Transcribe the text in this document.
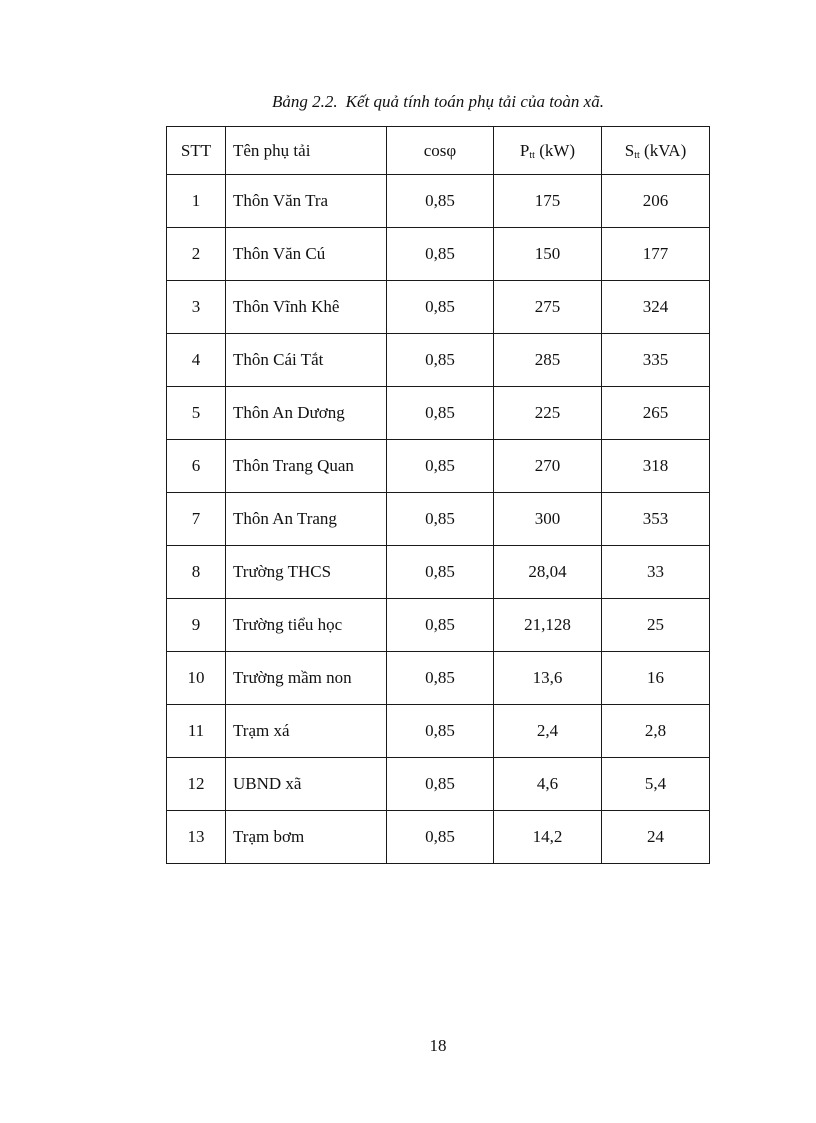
Bảng 2.2. Kết quả tính toán phụ tải của toàn xã.
STT	Tên phụ tải	cosφ	$P_{tt}$ (kW)	$S_{tt}$ (kVA)
1	Thôn Văn Tra	0,85	175	206
2	Thôn Văn Cú	0,85	150	177
3	Thôn Vĩnh Khê	0,85	275	324
4	Thôn Cái Tắt	0,85	285	335
5	Thôn An Dương	0,85	225	265
6	Thôn Trang Quan	0,85	270	318
7	Thôn An Trang	0,85	300	353
8	Trường THCS	0,85	28,04	33
9	Trường tiểu học	0,85	21,128	25
10	Trường mầm non	0,85	13,6	16
11	Trạm xá	0,85	2,4	2,8
12	UBND xã	0,85	4,6	5,4
13	Trạm bơm	0,85	14,2	24
18
